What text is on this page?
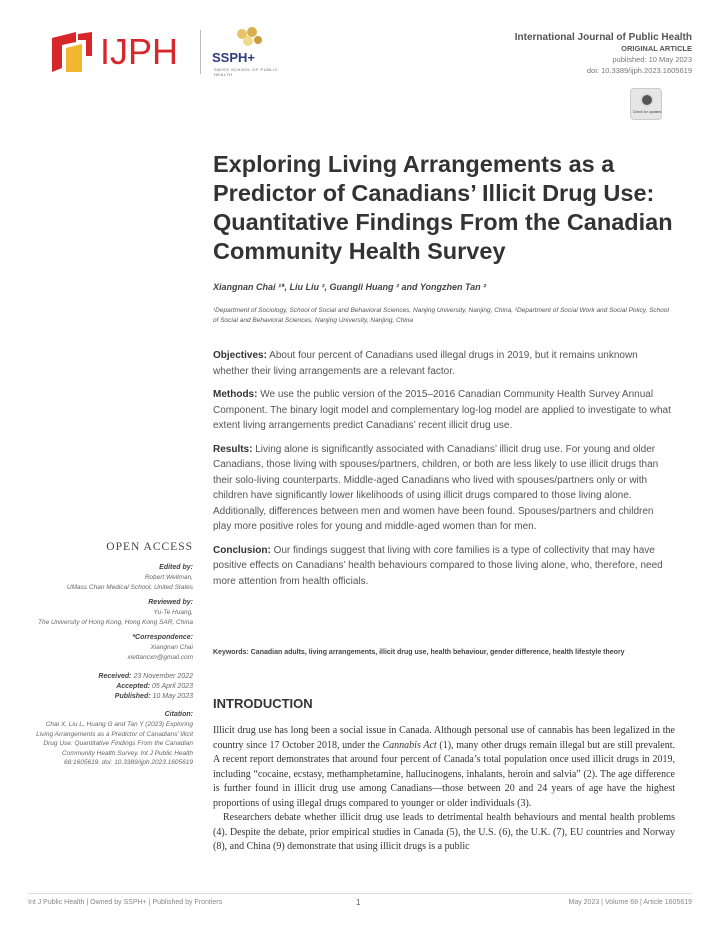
IJPH	SSPH+
SWISS SCHOOL OF PUBLIC HEALTH
International Journal of Public Health
ORIGINAL ARTICLE
published: 10 May 2023
doi: 10.3389/ijph.2023.1605619
Check for updates
Exploring Living Arrangements as a Predictor of Canadians’ Illicit Drug Use: Quantitative Findings From the Canadian Community Health Survey
Xiangnan Chai ¹*, Liu Liu ², Guangli Huang ² and Yongzhen Tan ²
¹Department of Sociology, School of Social and Behavioral Sciences, Nanjing University, Nanjing, China, ²Department of Social Work and Social Policy, School of Social and Behavioral Sciences, Nanjing University, Nanjing, China

Objectives: About four percent of Canadians used illegal drugs in 2019, but it remains unknown whether their living arrangements are a relevant factor.

Methods: We use the public version of the 2015–2016 Canadian Community Health Survey Annual Component. The binary logit model and complementary log-log model are applied to investigate to what extent living arrangements predict Canadians’ recent illicit drug use.

Results: Living alone is significantly associated with Canadians’ illicit drug use. For young and older Canadians, those living with spouses/partners, children, or both are less likely to use illicit drugs than their solo-living counterparts. Middle-aged Canadians who lived with spouses/partners only or with children have significantly lower likelihoods of using illicit drugs compared to those living alone. Additionally, differences between men and women have been found. Spouses/partners and children play more positive roles for young and middle-aged women than for men.

Conclusion: Our findings suggest that living with core families is a type of collectivity that may have positive effects on Canadians’ health behaviours compared to those living alone, who, therefore, need more attention from health officials.

Keywords: Canadian adults, living arrangements, illicit drug use, health behaviour, gender difference, health lifestyle theory
INTRODUCTION

Illicit drug use has long been a social issue in Canada. Although personal use of cannabis has been legalized in the country since 17 October 2018, under the Cannabis Act (1), many other drugs remain illegal but are still prevalent. A recent report demonstrates that around four percent of Canada’s total population once used illicit drugs in 2019, including “cocaine, ecstasy, methamphetamine, hallucinogens, inhalants, heroin and salvia” (2). The age difference is further found in illicit drug use among Canadians—those between 20 and 24 years of age have the highest proportions of using illegal drugs compared to younger or older individuals (3).

Researchers debate whether illicit drug use leads to detrimental health behaviours and mental health problems (4). Despite the debate, prior empirical studies in Canada (5), the U.S. (6), the U.K. (7), EU countries and Norway (8), and China (9) demonstrate that using illicit drugs is a public

OPEN ACCESS
Edited by:
Robert Wellman,
UMass Chan Medical School, United States
Reviewed by:
Yu-Te Huang,
The University of Hong Kong, Hong Kong SAR, China
*Correspondence:
Xiangnan Chai
xiettancxn@gmail.com
Received: 23 November 2022
Accepted: 05 April 2023
Published: 10 May 2023
Citation:
Chai X, Liu L, Huang G and Tan Y (2023) Exploring Living Arrangements as a Predictor of Canadians’ Illicit Drug Use: Quantitative Findings From the Canadian Community Health Survey. Int J Public Health 68:1605619. doi: 10.3389/ijph.2023.1605619
Int J Public Health | Owned by SSPH+ | Published by Frontiers	1	May 2023 | Volume 68 | Article 1605619
